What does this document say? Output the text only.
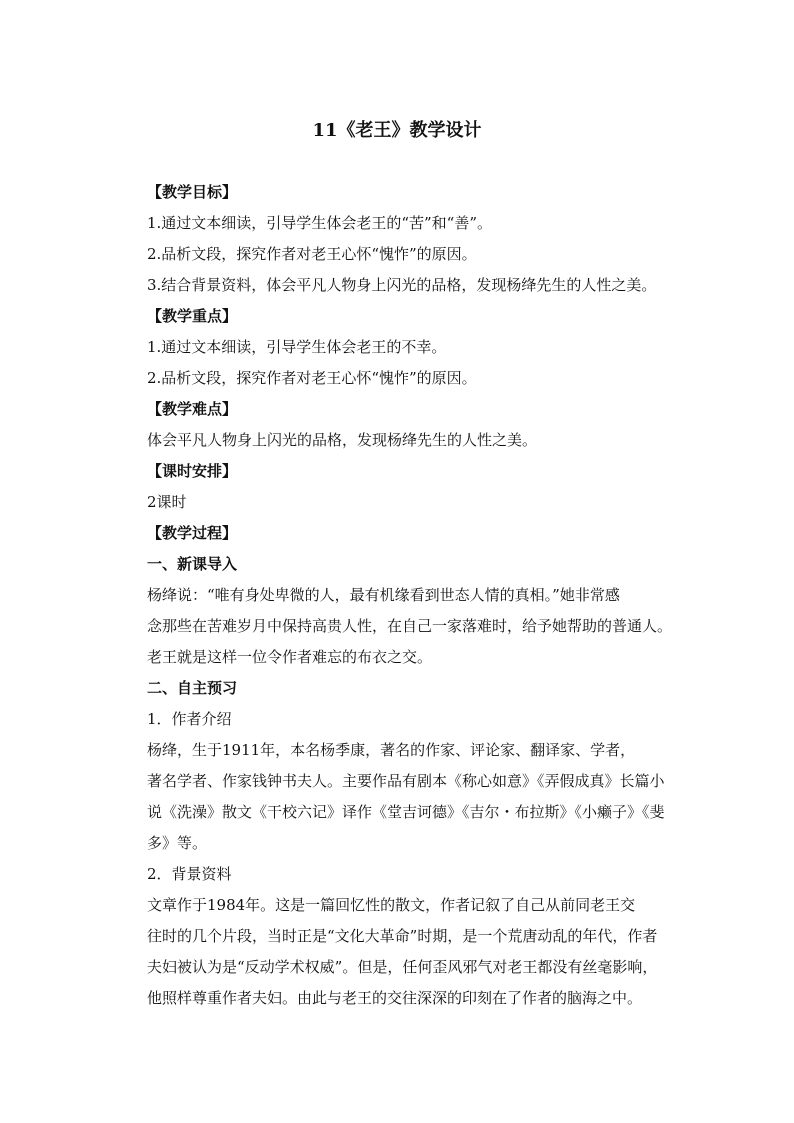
11《老王》教学设计
【教学目标】
1.通过文本细读，引导学生体会老王的“苦”和“善”。
2.品析文段，探究作者对老王心怀“愧怍”的原因。
3.结合背景资料，体会平凡人物身上闪光的品格，发现杨绛先生的人性之美。
【教学重点】
1.通过文本细读，引导学生体会老王的不幸。
2.品析文段，探究作者对老王心怀“愧怍”的原因。
【教学难点】
体会平凡人物身上闪光的品格，发现杨绛先生的人性之美。
【课时安排】
2课时
【教学过程】
一、新课导入
杨绛说：“唯有身处卑微的人，最有机缘看到世态人情的真相。”她非常感
念那些在苦难岁月中保持高贵人性，在自己一家落难时，给予她帮助的普通人。
老王就是这样一位令作者难忘的布衣之交。
二、自主预习
1．作者介绍
杨绛，生于1911年，本名杨季康，著名的作家、评论家、翻译家、学者，
著名学者、作家钱钟书夫人。主要作品有剧本《称心如意》《弄假成真》长篇小
说《洗澡》散文《干校六记》译作《堂吉诃德》《吉尔・布拉斯》《小癞子》《斐
多》等。
2．背景资料
文章作于1984年。这是一篇回忆性的散文，作者记叙了自己从前同老王交
往时的几个片段，当时正是“文化大革命”时期，是一个荒唐动乱的年代，作者
夫妇被认为是“反动学术权威”。但是，任何歪风邪气对老王都没有丝毫影响，
他照样尊重作者夫妇。由此与老王的交往深深的印刻在了作者的脑海之中。
